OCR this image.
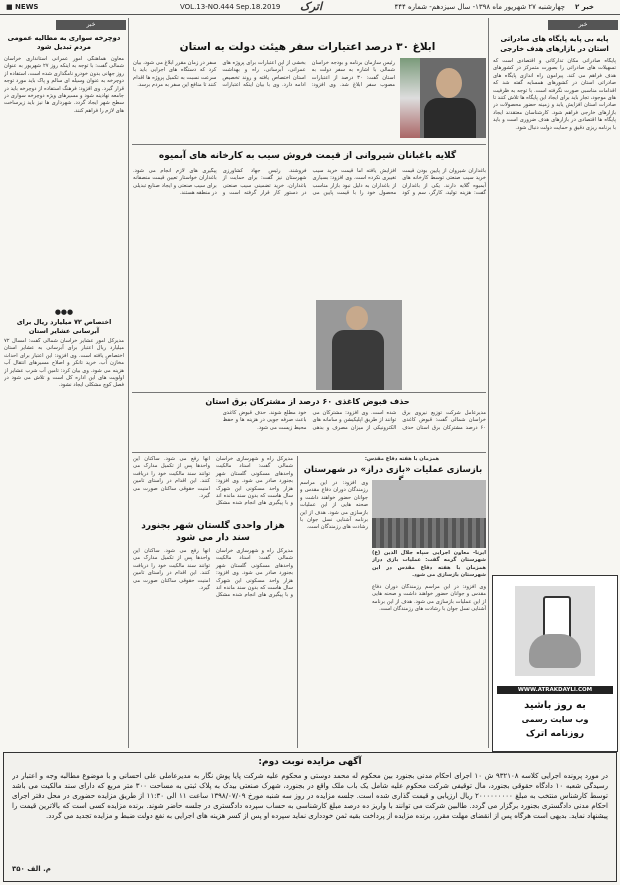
■ NEWS	VOL.13-NO.444 Sep.18.2019 اترک	چهارشنبه ۲۷ شهریور ماه ۱۳۹۸- سال سیزدهم- شماره ۴۴۴ خبر ۲
خبر
پایه بی پایه پایگاه های صادراتی استان در بازارهای هدف خارجی
پایگاه صادراتی مکان تدارکاتی و اقتصادی است که تسهیلات های صادراتی را بصورت متمرکز در کشورهای هدف فراهم می کند. پیرامون راه اندازی پایگاه های صادراتی استان در کشورهای همسایه گفته شد که اقدامات مناسبی صورت نگرفته است. با توجه به ظرفیت های موجود، تجار باید برای ایجاد این پایگاه ها تلاش کنند تا صادرات استان افزایش یابد و زمینه حضور محصولات در بازارهای خارجی فراهم شود. کارشناسان معتقدند ایجاد پایگاه ها اقتصادی در بازارهای هدف ضروری است و باید با برنامه ریزی دقیق و حمایت دولت دنبال شود.
WWW.ATRAKDAYLI.COM
به روز باشید
وب سایت رسمی
روزنامه اترک
خبر
دوچرخه سواری به مطالبه عمومی مردم تبدیل شود
معاون هماهنگی امور عمرانی استانداری خراسان شمالی گفت: با توجه به اینکه روز ۲۷ شهریور به عنوان روز جهانی بدون خودرو نامگذاری شده است، استفاده از دوچرخه به عنوان وسیله ای سالم و پاک باید مورد توجه قرار گیرد. وی افزود: فرهنگ استفاده از دوچرخه باید در جامعه نهادینه شود و مسیرهای ویژه دوچرخه سواری در سطح شهر ایجاد گردد. شهرداری ها نیز باید زیرساخت های لازم را فراهم کنند.
●●●
اختصاص ۷۲ میلیارد ریال برای آبرسانی عشایر استان
مدیرکل امور عشایر خراسان شمالی گفت: امسال ۷۲ میلیارد ریال اعتبار برای آبرسانی به عشایر استان اختصاص یافته است. وی افزود: این اعتبار برای احداث مخازن آب، خرید تانکر و اصلاح مسیرهای انتقال آب هزینه می شود. وی بیان کرد: تامین آب شرب عشایر از اولویت های این اداره کل است و تلاش می شود در فصل کوچ مشکلی ایجاد نشود.
ابلاغ ۳۰ درصد اعتبارات سفر هیئت دولت به استان
رئیس سازمان برنامه و بودجه خراسان شمالی با اشاره به سفر دولت به استان گفت: ۳۰ درصد از اعتبارات مصوب سفر ابلاغ شد. وی افزود: بخشی از این اعتبارات برای پروژه های عمرانی، آبرسانی، راه و بهداشت استان اختصاص یافته و روند تخصیص ادامه دارد. وی با بیان اینکه اعتبارات سفر در زمان مقرر ابلاغ می شود، بیان کرد که دستگاه های اجرایی باید با سرعت نسبت به تکمیل پروژه ها اقدام کنند تا منافع این سفر به مردم برسد.
گلایه باغبانان شیروانی از قیمت فروش سیب به کارخانه های آبمیوه
باغداران شیروان از پایین بودن قیمت خرید سیب صنعتی توسط کارخانه های آبمیوه گلایه دارند. یکی از باغداران گفت: هزینه تولید، کارگر، سم و کود افزایش یافته اما قیمت خرید سیب تغییری نکرده است. وی افزود: بسیاری از باغداران به دلیل نبود بازار مناسب محصول خود را با قیمت پایین می فروشند. رئیس جهاد کشاورزی شهرستان نیز گفت: برای حمایت از باغداران، خرید تضمینی سیب صنعتی در دستور کار قرار گرفته است و پیگیری های لازم انجام می شود. باغداران خواستار تعیین قیمت منصفانه برای سیب صنعتی و ایجاد صنایع تبدیلی در منطقه هستند.
حذف قبوض کاغذی ۶۰ درصد از مشترکان برق استان
مدیرعامل شرکت توزیع نیروی برق خراسان شمالی گفت: قبوض کاغذی ۶۰ درصد مشترکان برق استان حذف شده است. وی افزود: مشترکان می توانند از طریق اپلیکیشن و سامانه های الکترونیکی از میزان مصرف و بدهی خود مطلع شوند. حذف قبوض کاغذی باعث صرفه جویی در هزینه ها و حفظ محیط زیست می شود.
همزمان با هفته دفاع مقدس:
بازسازی عملیات «بازی دراز» در شهرستان
ایرنا- معاون اجرایی سپاه جلال الدین (ع) شهرستان گرمه گفت: عملیات بازی دراز همزمان با هفته دفاع مقدس در این شهرستان بازسازی می شود.
وی افزود: در این مراسم رزمندگان دوران دفاع مقدس و جوانان حضور خواهند داشت و صحنه هایی از این عملیات بازسازی می شود. هدف از این برنامه آشنایی نسل جوان با رشادت های رزمندگان است.
وی افزود: در این مراسم رزمندگان دوران دفاع مقدس و جوانان حضور خواهند داشت و صحنه هایی از این عملیات بازسازی می شود. هدف از این برنامه آشنایی نسل جوان با رشادت های رزمندگان است.
مدیرکل راه و شهرسازی خراسان شمالی گفت: اسناد مالکیت واحدهای مسکونی گلستان شهر بجنورد صادر می شود. وی افزود: هزار واحد مسکونی این شهرک سال هاست که بدون سند مانده اند و با پیگیری های انجام شده مشکل آنها رفع می شود. ساکنان این واحدها پس از تکمیل مدارک می توانند سند مالکیت خود را دریافت کنند. این اقدام در راستای تامین امنیت حقوقی ساکنان صورت می گیرد.
هزار واحدی گلستان شهر بجنورد سند دار می شود
مدیرکل راه و شهرسازی خراسان شمالی گفت: اسناد مالکیت واحدهای مسکونی گلستان شهر بجنورد صادر می شود. وی افزود: هزار واحد مسکونی این شهرک سال هاست که بدون سند مانده اند و با پیگیری های انجام شده مشکل آنها رفع می شود. ساکنان این واحدها پس از تکمیل مدارک می توانند سند مالکیت خود را دریافت کنند. این اقدام در راستای تامین امنیت حقوقی ساکنان صورت می گیرد.
آگهی مزایده نوبت دوم:
در مورد پرونده اجرایی کلاسه ۹۳۲۱۰۸ ش ۱۰ اجرای احکام مدنی بجنورد بین محکوم له محمد دوستی و محکوم علیه شرکت پایا پوش نگار به مدیرعاملی علی احسانی و با موضوع مطالبه وجه و اعتبار در رسیدگی شعبه ۱۰ دادگاه حقوقی بجنورد، مال توقیفی شرکت محکوم علیه شامل یک باب ملک واقع در بجنورد، شهرک صنعتی بیدک به پلاک ثبتی به مساحت ۳۰۰ متر مربع که دارای سند مالکیت می باشد توسط کارشناس منتخب به مبلغ ۲۰۰۰۰۰۰۰۰۰ ریال ارزیابی و قیمت گذاری شده است. جلسه مزایده در روز سه شنبه مورخ ۱۳۹۸/۰۷/۰۹ ساعت ۱۱ الی ۱۱:۳۰ از طریق مزایده حضوری در محل دفتر اجرای احکام مدنی دادگستری بجنورد برگزار می گردد. طالبین شرکت می توانند با واریز ده درصد مبلغ کارشناسی به حساب سپرده دادگستری در جلسه حاضر شوند. برنده مزایده کسی است که بالاترین قیمت را پیشنهاد نماید. بدیهی است هرگاه پس از انقضای مهلت مقرر، برنده مزایده از پرداخت بقیه ثمن خودداری نماید سپرده او پس از کسر هزینه های اجرایی به نفع دولت ضبط و مزایده تجدید می گردد.
م. الف ۳۵۰
